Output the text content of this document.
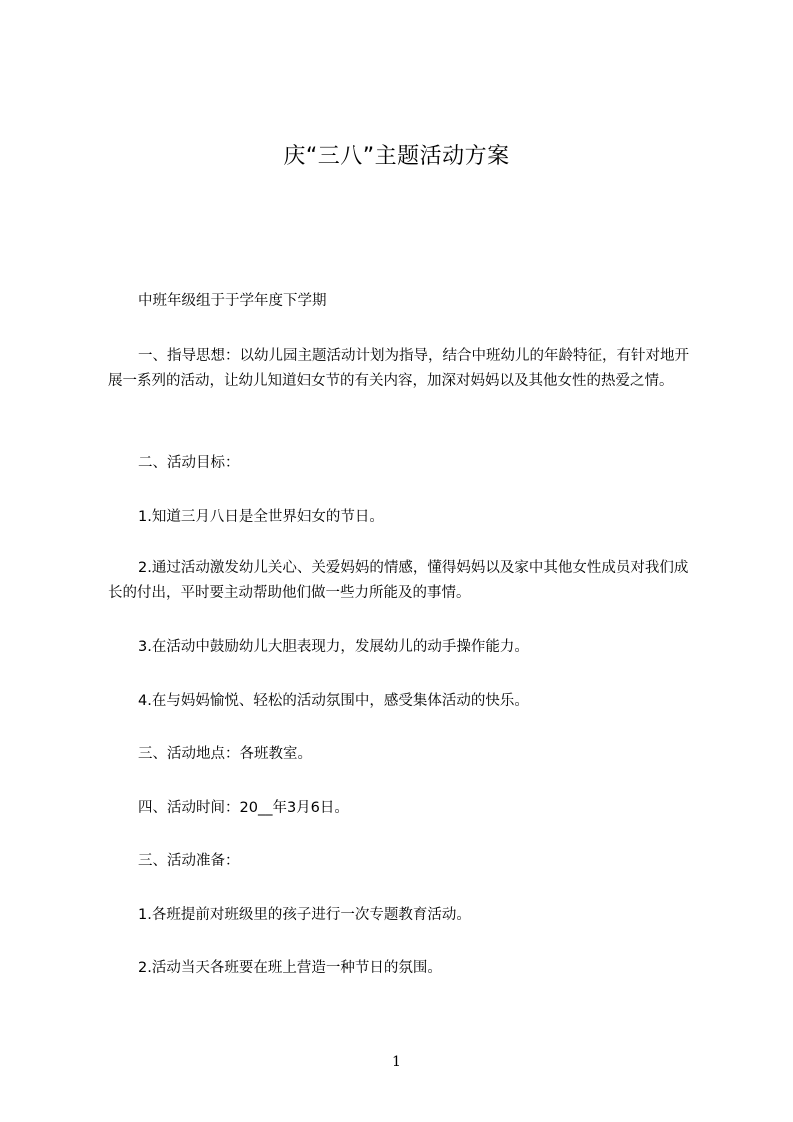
庆“三八”主题活动方案

中班年级组于于学年度下学期

一、指导思想：以幼儿园主题活动计划为指导，结合中班幼儿的年龄特征，有针对地开展一系列的活动，让幼儿知道妇女节的有关内容，加深对妈妈以及其他女性的热爱之情。

二、活动目标：

1.知道三月八日是全世界妇女的节日。

2.通过活动激发幼儿关心、关爱妈妈的情感，懂得妈妈以及家中其他女性成员对我们成长的付出，平时要主动帮助他们做一些力所能及的事情。

3.在活动中鼓励幼儿大胆表现力，发展幼儿的动手操作能力。

4.在与妈妈愉悦、轻松的活动氛围中，感受集体活动的快乐。

三、活动地点：各班教室。

四、活动时间：20__年3月6日。

三、活动准备：

1.各班提前对班级里的孩子进行一次专题教育活动。

2.活动当天各班要在班上营造一种节日的氛围。

1
